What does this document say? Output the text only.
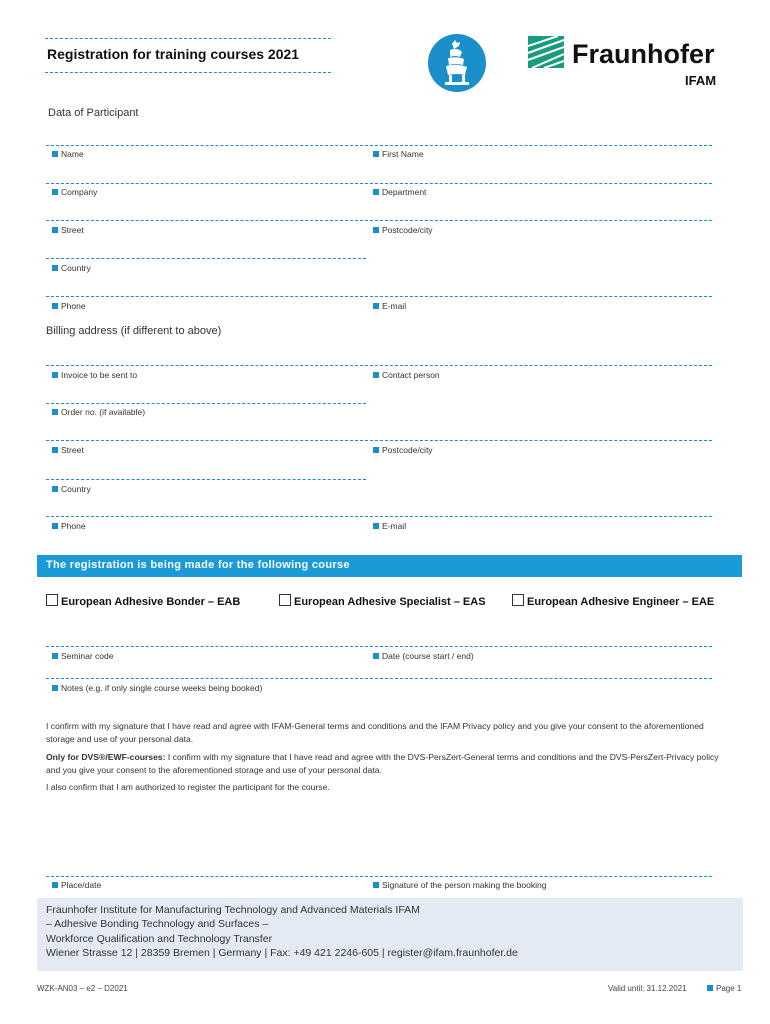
Registration for training courses 2021	Fraunhofer
IFAM
Data of Participant
Name	First Name
Company	Department
Street	Postcode/city
Country
Phone	E-mail
Billing address (if different to above)
Invoice to be sent to	Contact person
Order no. (if available)
Street	Postcode/city
Country
Phone	E-mail
The registration is being made for the following course
European Adhesive Bonder – EAB	European Adhesive Specialist – EAS	European Adhesive Engineer – EAE
Seminar code	Date (course start / end)
Notes (e.g. if only single course weeks being booked)
I confirm with my signature that I have read and agree with IFAM-General terms and conditions and the IFAM Privacy policy and you give your consent to the aforementioned storage and use of your personal data.
Only for DVS®/EWF-courses: I confirm with my signature that I have read and agree with the DVS-PersZert-General terms and conditions and the DVS-PersZert-Privacy policy and you give your consent to the aforementioned storage and use of your personal data.
I also confirm that I am authorized to register the participant for the course.
Place/date	Signature of the person making the booking
Fraunhofer Institute for Manufacturing Technology and Advanced Materials IFAM
– Adhesive Bonding Technology and Surfaces –
Workforce Qualification and Technology Transfer
Wiener Strasse 12 | 28359 Bremen | Germany | Fax: +49 421 2246-605 | register@ifam.fraunhofer.de
WZK-AN03 – e2 – D2021	Valid until: 31.12.2021	Page 1
